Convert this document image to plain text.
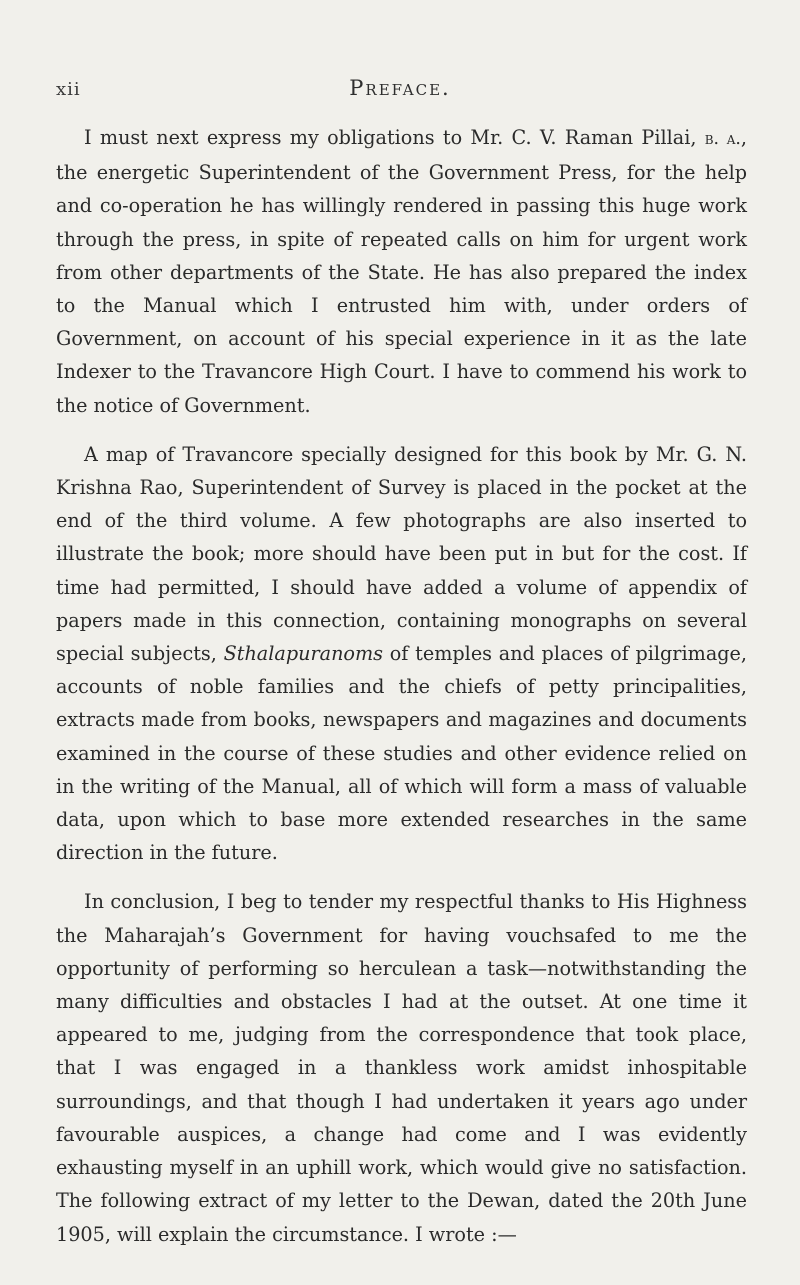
xii	Preface.

I must next express my obligations to Mr. C. V. Raman Pillai, b. a., the energetic Superintendent of the Government Press, for the help and co-operation he has willingly rendered in passing this huge work through the press, in spite of repeated calls on him for urgent work from other departments of the State. He has also prepared the index to the Manual which I entrusted him with, under orders of Government, on account of his special experience in it as the late Indexer to the Travancore High Court. I have to commend his work to the notice of Government.

A map of Travancore specially designed for this book by Mr. G. N. Krishna Rao, Superintendent of Survey is placed in the pocket at the end of the third volume. A few photographs are also inserted to illustrate the book; more should have been put in but for the cost. If time had permitted, I should have added a volume of appendix of papers made in this connection, containing monographs on several special subjects, Sthalapuranoms of temples and places of pilgrimage, accounts of noble families and the chiefs of petty principalities, extracts made from books, newspapers and magazines and documents examined in the course of these studies and other evidence relied on in the writing of the Manual, all of which will form a mass of valuable data, upon which to base more extended researches in the same direction in the future.

In conclusion, I beg to tender my respectful thanks to His Highness the Maharajah’s Government for having vouchsafed to me the opportunity of performing so herculean a task—notwithstanding the many difficulties and obstacles I had at the outset. At one time it appeared to me, judging from the correspondence that took place, that I was engaged in a thankless work amidst inhospitable surroundings, and that though I had undertaken it years ago under favourable auspices, a change had come and I was evidently exhausting myself in an uphill work, which would give no satisfaction. The following extract of my letter to the Dewan, dated the 20th June 1905, will explain the circumstance. I wrote :—
